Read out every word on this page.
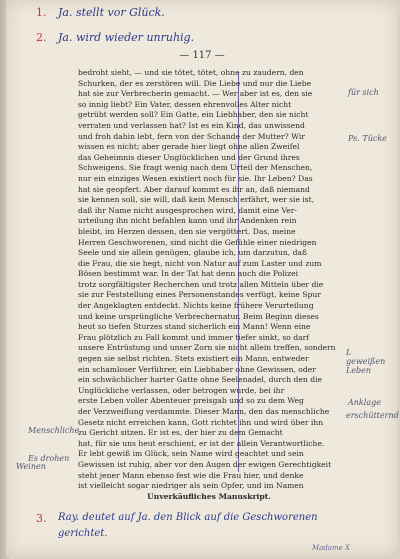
1. Ja. stellt vor Glück.
2. Ja. wird wieder unruhig.
— 117 —
für sich
Ps. Tücke
L geweißen Leben
Anklage
erschütternd
Menschliche
Es drohen
Weinen
bedroht sieht, — und sie tötet, tötet, ohne zu zaudern, den
Schurken, der es zerstören will. Die Liebe und nur die Liebe
hat sie zur Verbrecherin gemacht. — Wer aber ist es, den sie
so innig liebt? Ein Vater, dessen ehrenvolles Alter nicht
getrübt werden soll? Ein Gatte, ein Liebhaber, den sie nicht
verraten und verlassen hat? Ist es ein Kind, das unwissend
und froh dahin lebt, fern von der Schande der Mutter? Wir
wissen es nicht; aber gerade hier liegt ohne allen Zweifel
das Geheimnis dieser Unglücklichen und der Grund ihres
Schweigens. Sie fragt wenig nach dem Urteil der Menschen,
nur ein einziges Wesen existiert noch für sie. Ihr Leben? Das
hat sie geopfert. Aber darauf kommt es ihr an, daß niemand
sie kennen soll, sie will, daß kein Mensch erfährt, wer sie ist,
daß ihr Name nicht ausgesprochen wird, damit eine Ver-
urteilung ihn nicht befahlen kann und ihr Andenken rein
bleibt, im Herzen dessen, den sie vergöttert. Das, meine
Herren Geschworenen, sind nicht die Gefühle einer niedrigen
Seele und sie allein genügen, glaube ich, um darzutun, daß
die Frau, die sie hegt, nicht von Natur auf zum Laster und zum
Bösen bestimmt war. In der Tat hat denn auch die Polizei
trotz sorgfältigster Recherchen und trotz allen Mitteln über die
sie zur Feststellung eines Personenstandes verfügt, keine Spur
der Angeklagten entdeckt. Nichts keine frühere Verurteilung
und keine ursprüngliche Verbrechernatur. Beim Beginn dieses
heut so tiefen Sturzes stand sicherlich ein Mann! Wenn eine
Frau plötzlich zu Fall kommt und immer tiefer sinkt, so darf
unsere Entrüstung und unser Zorn sie nicht allein treffen, sondern
gegen sie selbst richten. Stets existiert ein Mann, entweder
ein schamloser Verführer, ein Liebhaber ohne Gewissen, oder
ein schwächlicher harter Gatte ohne Seelenadel, durch den die
Unglückliche verlassen, oder betrogen wurde, bei ihr
erste Leben voller Abenteuer preisgab und so zu dem Weg
der Verzweiflung verdammte. Dieser Mann, den das menschliche
Gesetz nicht erreichen kann, Gott richtet ihn und wird über ihn
zu Gericht sitzen. Er ist es, der hier zu dem Gemacht
hat, für sie uns heut erschient, er ist der allein Verantwortliche.
Er lebt gewiß im Glück, sein Name wird geachtet und sein
Gewissen ist ruhig, aber vor den Augen der ewigen Gerechtigkeit
steht jener Mann ebenso fest wie die Frau hier, und denke
ist vielleicht sogar niedriger als sein Opfer, und im Namen
Unverkäufliches Manuskript.
3. Ray. deutet auf Ja. den Blick auf die Geschworenen
gerichtet.
Madame X
